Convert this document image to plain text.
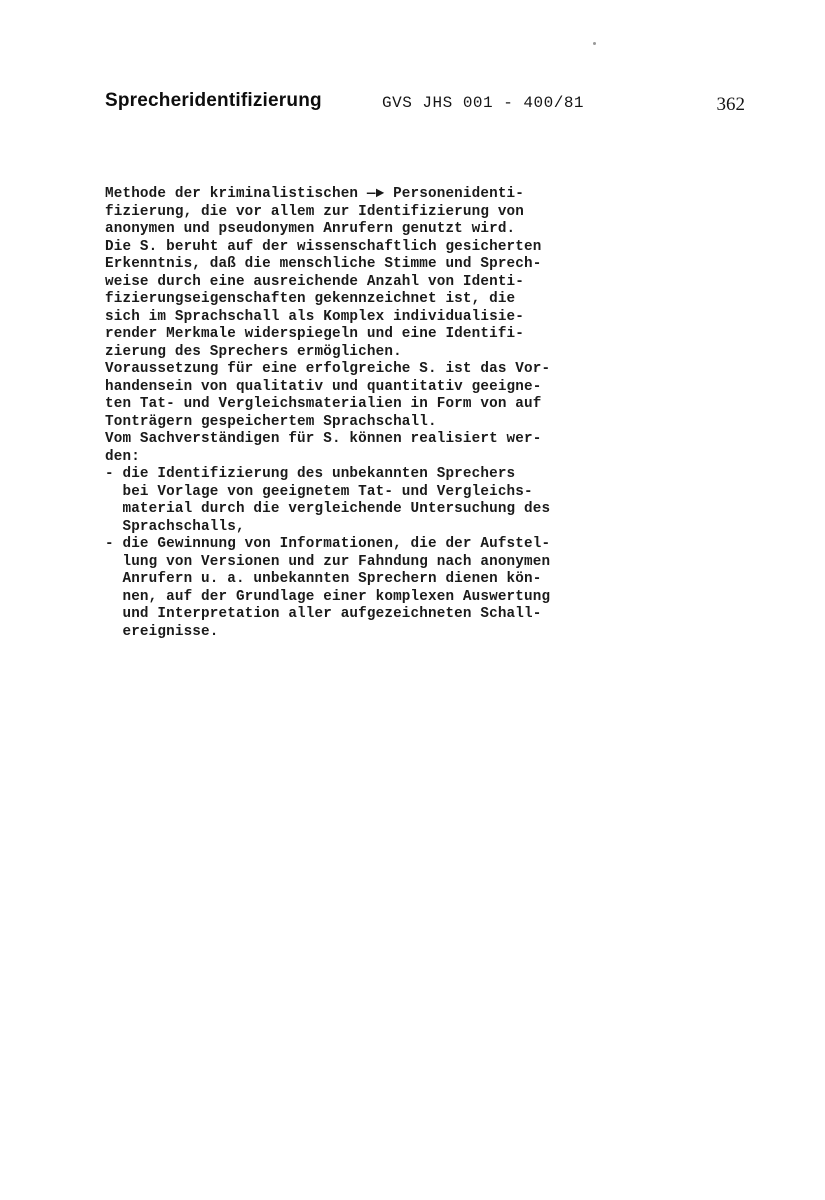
Sprecheridentifizierung	GVS JHS 001 - 400/81	362
Methode der kriminalistischen —► Personenidenti-
fizierung, die vor allem zur Identifizierung von
anonymen und pseudonymen Anrufern genutzt wird.
Die S. beruht auf der wissenschaftlich gesicherten
Erkenntnis, daß die menschliche Stimme und Sprech-
weise durch eine ausreichende Anzahl von Identi-
fizierungseigenschaften gekennzeichnet ist, die
sich im Sprachschall als Komplex individualisie-
render Merkmale widerspiegeln und eine Identifi-
zierung des Sprechers ermöglichen.
Voraussetzung für eine erfolgreiche S. ist das Vor-
handensein von qualitativ und quantitativ geeigne-
ten Tat- und Vergleichsmaterialien in Form von auf
Tonträgern gespeichertem Sprachschall.
Vom Sachverständigen für S. können realisiert wer-
den:
- die Identifizierung des unbekannten Sprechers
bei Vorlage von geeignetem Tat- und Vergleichs-
material durch die vergleichende Untersuchung des
Sprachschalls,
- die Gewinnung von Informationen, die der Aufstel-
lung von Versionen und zur Fahndung nach anonymen
Anrufern u. a. unbekannten Sprechern dienen kön-
nen, auf der Grundlage einer komplexen Auswertung
und Interpretation aller aufgezeichneten Schall-
ereignisse.
